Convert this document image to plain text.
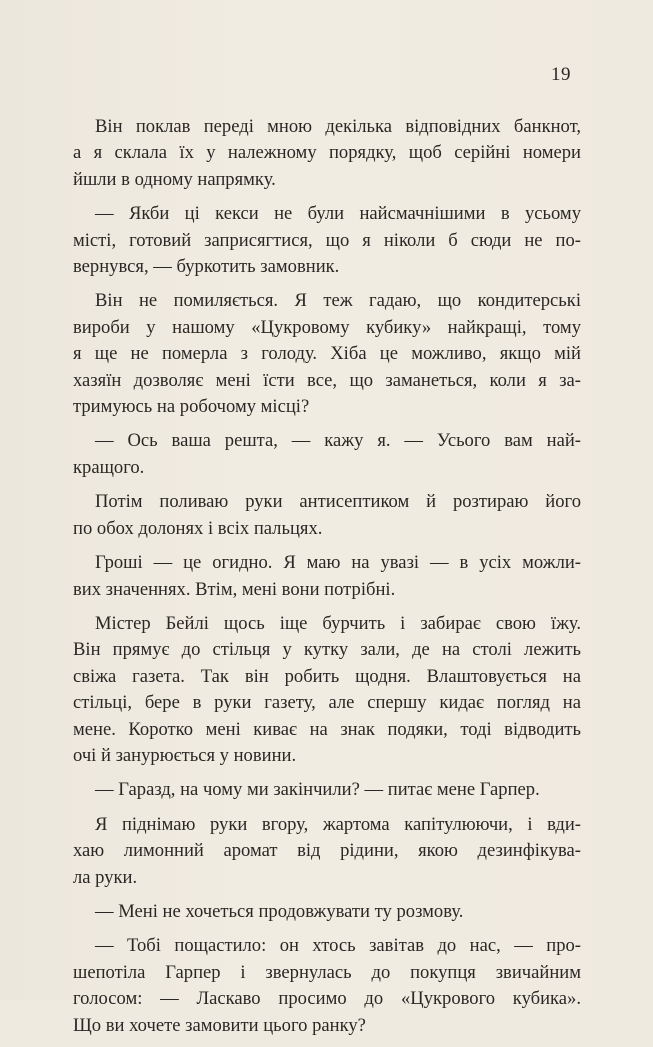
19
Він поклав переді мною декілька відповідних банкнот,
а я склала їх у належному порядку, щоб серійні номери
йшли в одному напрямку.
— Якби ці кекси не були найсмачнішими в усьому
місті, готовий заприсягтися, що я ніколи б сюди не по-
вернувся, — буркотить замовник.
Він не помиляється. Я теж гадаю, що кондитерські
вироби у нашому «Цукровому кубику» найкращі, тому
я ще не померла з голоду. Хіба це можливо, якщо мій
хазяїн дозволяє мені їсти все, що заманеться, коли я за-
тримуюсь на робочому місці?
— Ось ваша решта, — кажу я. — Усього вам най-
кращого.
Потім поливаю руки антисептиком й розтираю його
по обох долонях і всіх пальцях.
Гроші — це огидно. Я маю на увазі — в усіх можли-
вих значеннях. Втім, мені вони потрібні.
Містер Бейлі щось іще бурчить і забирає свою їжу.
Він прямує до стільця у кутку зали, де на столі лежить
свіжа газета. Так він робить щодня. Влаштовується на
стільці, бере в руки газету, але спершу кидає погляд на
мене. Коротко мені киває на знак подяки, тоді відводить
очі й занурюється у новини.
— Гаразд, на чому ми закінчили? — питає мене Гарпер.
Я піднімаю руки вгору, жартома капітулюючи, і вди-
хаю лимонний аромат від рідини, якою дезинфікува-
ла руки.
— Мені не хочеться продовжувати ту розмову.
— Тобі пощастило: он хтось завітав до нас, — про-
шепотіла Гарпер і звернулась до покупця звичайним
голосом: — Ласкаво просимо до «Цукрового кубика».
Що ви хочете замовити цього ранку?
